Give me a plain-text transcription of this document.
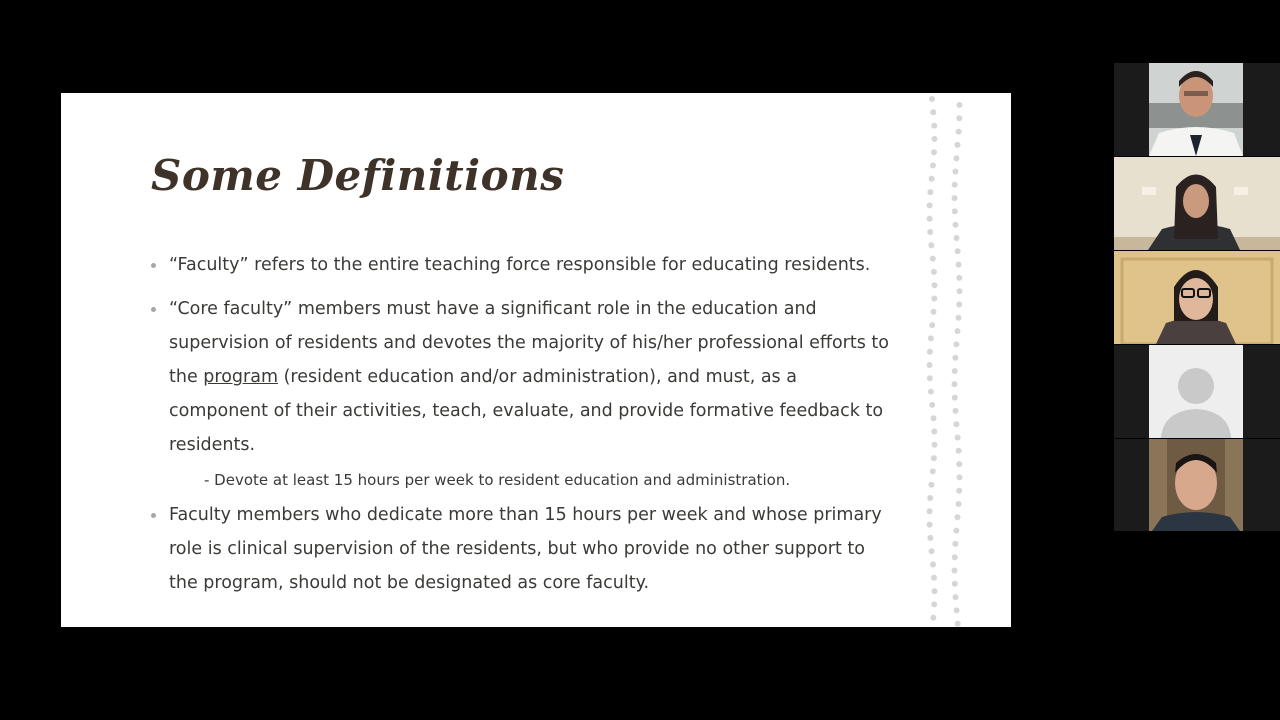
Some Definitions
“Faculty” refers to the entire teaching force responsible for educating residents.
“Core faculty” members must have a significant role in the education and supervision of residents and devotes the majority of his/her professional efforts to the program (resident education and/or administration), and must, as a component of their activities, teach, evaluate, and provide formative feedback to residents.
- Devote at least 15 hours per week to resident education and administration.
Faculty members who dedicate more than 15 hours per week and whose primary role is clinical supervision of the residents, but who provide no other support to the program, should not be designated as core faculty.
